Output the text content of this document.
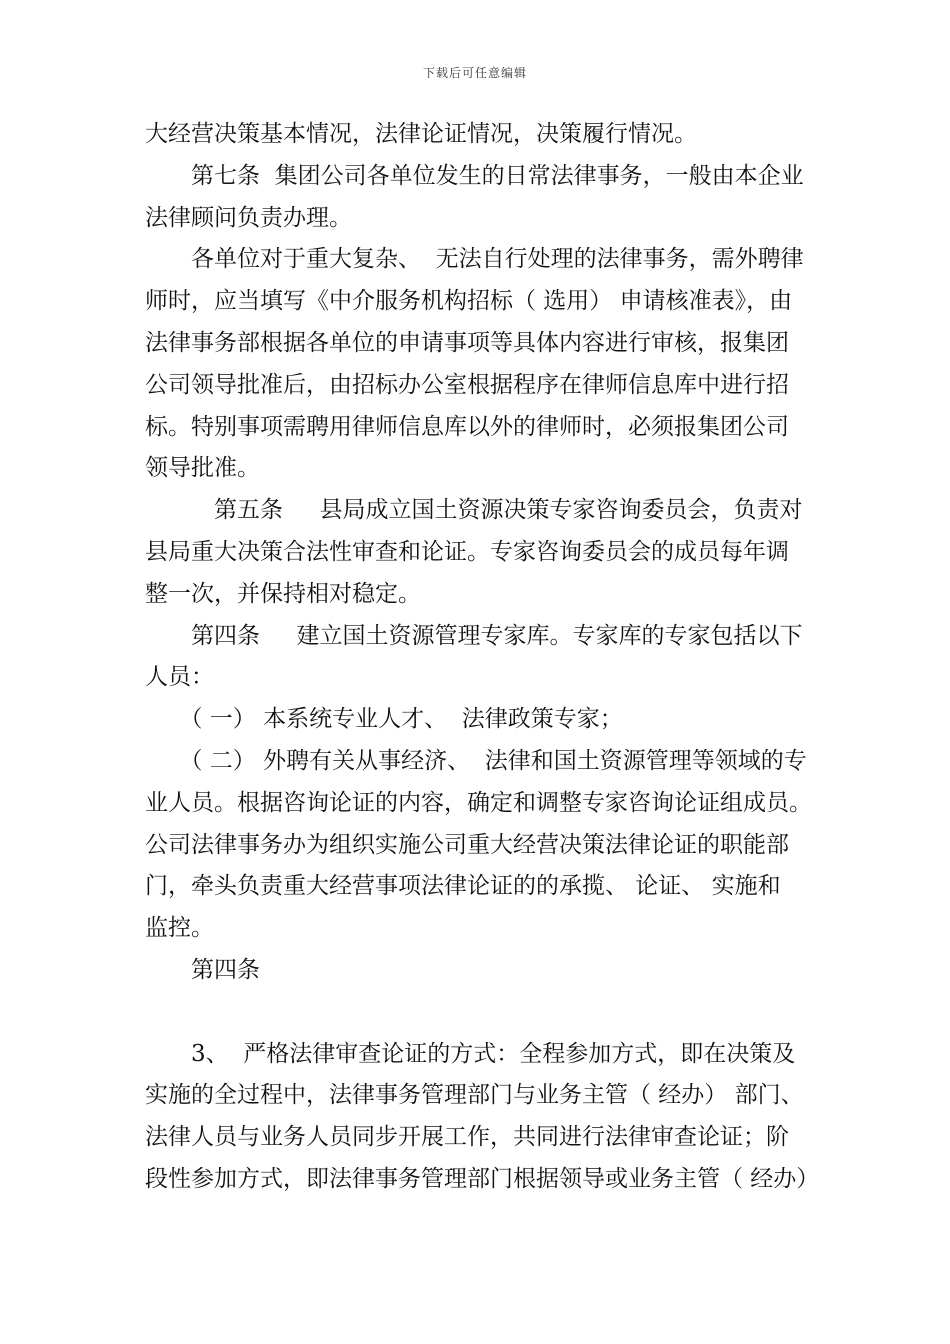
下载后可任意编辑
大经营决策基本情况，法律论证情况，决策履行情况。
　　第七条  集团公司各单位发生的日常法律事务，一般由本企业
法律顾问负责办理。
　　各单位对于重大复杂、  无法自行处理的法律事务，需外聘律
师时，应当填写《中介服务机构招标（ 选用） 申请核准表》，由
法律事务部根据各单位的申请事项等具体内容进行审核，报集团
公司领导批准后，由招标办公室根据程序在律师信息库中进行招
标。特别事项需聘用律师信息库以外的律师时，必须报集团公司
领导批准。
　　　第五条     县局成立国土资源决策专家咨询委员会，负责对
县局重大决策合法性审查和论证。专家咨询委员会的成员每年调
整一次，并保持相对稳定。
　　第四条     建立国土资源管理专家库。专家库的专家包括以下
人员：
　　（ 一） 本系统专业人才、  法律政策专家；
　　（ 二） 外聘有关从事经济、  法律和国土资源管理等领域的专
业人员。根据咨询论证的内容，确定和调整专家咨询论证组成员。
公司法律事务办为组织实施公司重大经营决策法律论证的职能部
门，牵头负责重大经营事项法律论证的的承揽、 论证、 实施和
监控。
　　第四条
　　3、  严格法律审查论证的方式：全程参加方式，即在决策及
实施的全过程中，法律事务管理部门与业务主管（ 经办） 部门、
法律人员与业务人员同步开展工作，共同进行法律审查论证；阶
段性参加方式，即法律事务管理部门根据领导或业务主管（ 经办）
